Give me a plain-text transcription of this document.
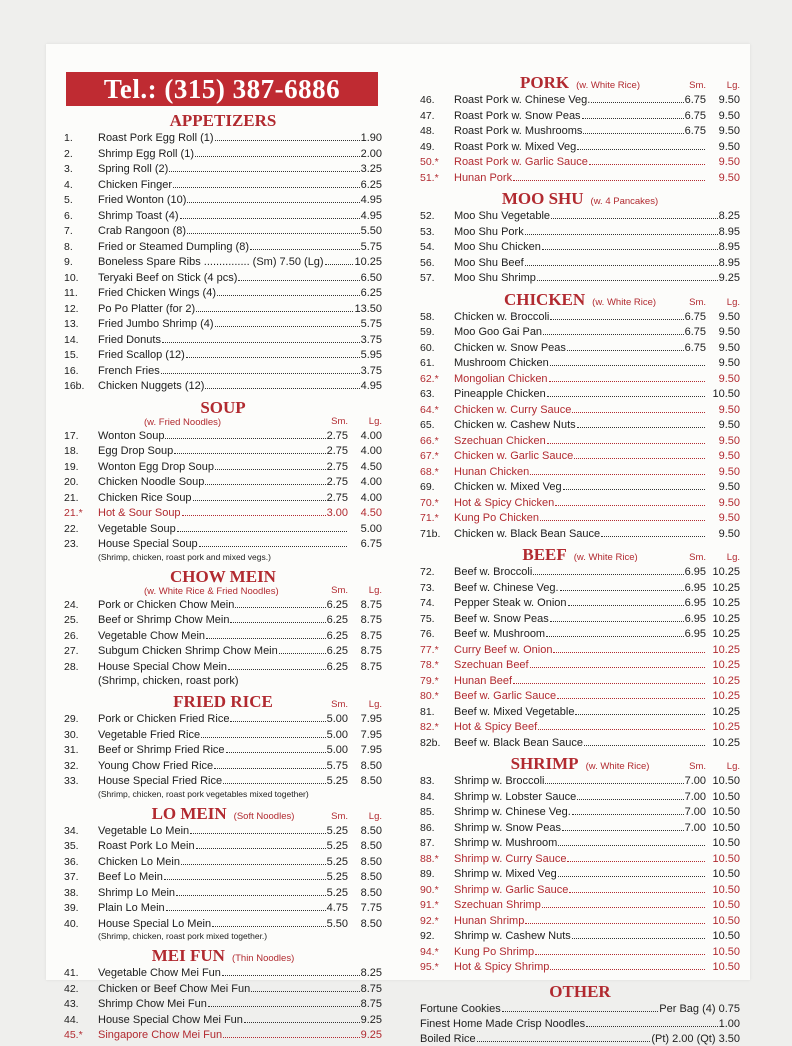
Tel.: (315) 387-6886
APPETIZERS
1.	Roast Pork Egg Roll (1)	1.90
2.	Shrimp Egg Roll (1)	2.00
3.	Spring Roll (2)	3.25
4.	Chicken Finger	6.25
5.	Fried Wonton (10)	4.95
6.	Shrimp Toast (4)	4.95
7.	Crab Rangoon (8)	5.50
8.	Fried or Steamed Dumpling (8)	5.75
9.	Boneless Spare Ribs ............... (Sm) 7.50 (Lg)	10.25
10.	Teryaki Beef on Stick (4 pcs)	6.50
11.	Fried Chicken Wings (4)	6.25
12.	Po Po Platter (for 2)	13.50
13.	Fried Jumbo Shrimp (4)	5.75
14.	Fried Donuts	3.75
15.	Fried Scallop (12)	5.95
16.	French Fries	3.75
16b.	Chicken Nuggets (12)	4.95
SOUP
(w. Fried Noodles)	Sm.	Lg.
17.	Wonton Soup	2.75	4.00
18.	Egg Drop Soup	2.75	4.00
19.	Wonton Egg Drop Soup	2.75	4.50
20.	Chicken Noodle Soup	2.75	4.00
21.	Chicken Rice Soup	2.75	4.00
21.*	Hot & Sour Soup	3.00	4.50
22.	Vegetable Soup	5.00
23.	House Special Soup	6.75
(Shrimp, chicken, roast pork and mixed vegs.)
CHOW MEIN
(w. White Rice & Fried Noodles)	Sm.	Lg.
24.	Pork or Chicken Chow Mein	6.25	8.75
25.	Beef or Shrimp Chow Mein	6.25	8.75
26.	Vegetable Chow Mein	6.25	8.75
27.	Subgum Chicken Shrimp Chow Mein	6.25	8.75
28.	House Special Chow Mein	6.25	8.75
(Shrimp, chicken, roast pork)
FRIED RICE	Sm.	Lg.
29.	Pork or Chicken Fried Rice	5.00	7.95
30.	Vegetable Fried Rice	5.00	7.95
31.	Beef or Shrimp Fried Rice	5.00	7.95
32.	Young Chow Fried Rice	5.75	8.50
33.	House Special Fried Rice	5.25	8.50
(Shrimp, chicken, roast pork vegetables mixed together)
LO MEIN (Soft Noodles)	Sm.	Lg.
34.	Vegetable Lo Mein	5.25	8.50
35.	Roast Pork Lo Mein	5.25	8.50
36.	Chicken Lo Mein	5.25	8.50
37.	Beef Lo Mein	5.25	8.50
38.	Shrimp Lo Mein	5.25	8.50
39.	Plain Lo Mein	4.75	7.75
40.	House Special Lo Mein	5.50	8.50
(Shrimp, chicken, roast pork mixed together.)
MEI FUN (Thin Noodles)
41.	Vegetable Chow Mei Fun	8.25
42.	Chicken or Beef Chow Mei Fun	8.75
43.	Shrimp Chow Mei Fun	8.75
44.	House Special Chow Mei Fun	9.25
45.*	Singapore Chow Mei Fun	9.25
PORK (w. White Rice)	Sm.	Lg.
46.	Roast Pork w. Chinese Veg.	6.75	9.50
47.	Roast Pork w. Snow Peas	6.75	9.50
48.	Roast Pork w. Mushrooms	6.75	9.50
49.	Roast Pork w. Mixed Veg	9.50
50.*	Roast Pork w. Garlic Sauce	9.50
51.*	Hunan Pork	9.50
MOO SHU (w. 4 Pancakes)
52.	Moo Shu Vegetable	8.25
53.	Moo Shu Pork	8.95
54.	Moo Shu Chicken	8.95
56.	Moo Shu Beef	8.95
57.	Moo Shu Shrimp	9.25
CHICKEN (w. White Rice)	Sm.	Lg.
58.	Chicken w. Broccoli	6.75	9.50
59.	Moo Goo Gai Pan	6.75	9.50
60.	Chicken w. Snow Peas	6.75	9.50
61.	Mushroom Chicken	9.50
62.*	Mongolian Chicken	9.50
63.	Pineapple Chicken	10.50
64.*	Chicken w. Curry Sauce	9.50
65.	Chicken w. Cashew Nuts	9.50
66.*	Szechuan Chicken	9.50
67.*	Chicken w. Garlic Sauce	9.50
68.*	Hunan Chicken	9.50
69.	Chicken w. Mixed Veg	9.50
70.*	Hot & Spicy Chicken	9.50
71.*	Kung Po Chicken	9.50
71b.	Chicken w. Black Bean Sauce	9.50
BEEF (w. White Rice)	Sm.	Lg.
72.	Beef w. Broccoli	6.95 10.25
73.	Beef w. Chinese Veg.	6.95 10.25
74.	Pepper Steak w. Onion	6.95 10.25
75.	Beef w. Snow Peas	6.95 10.25
76.	Beef w. Mushroom	6.95 10.25
77.*	Curry Beef w. Onion	10.25
78.*	Szechuan Beef	10.25
79.*	Hunan Beef	10.25
80.*	Beef w. Garlic Sauce	10.25
81.	Beef w. Mixed Vegetable	10.25
82.*	Hot & Spicy Beef	10.25
82b.	Beef w. Black Bean Sauce	10.25
SHRIMP (w. White Rice)	Sm.	Lg.
83.	Shrimp w. Broccoli	7.00 10.50
84.	Shrimp w. Lobster Sauce	7.00 10.50
85.	Shrimp w. Chinese Veg.	7.00 10.50
86.	Shrimp w. Snow Peas	7.00 10.50
87.	Shrimp w. Mushroom	10.50
88.*	Shrimp w. Curry Sauce	10.50
89.	Shrimp w. Mixed Veg	10.50
90.*	Shrimp w. Garlic Sauce	10.50
91.*	Szechuan Shrimp	10.50
92.*	Hunan Shrimp	10.50
92.	Shrimp w. Cashew Nuts	10.50
94.*	Kung Po Shrimp	10.50
95.*	Hot & Spicy Shrimp	10.50
OTHER
Fortune Cookies	Per Bag (4) 0.75
Finest Home Made Crisp Noodles	1.00
Boiled Rice	(Pt) 2.00 (Qt) 3.50
